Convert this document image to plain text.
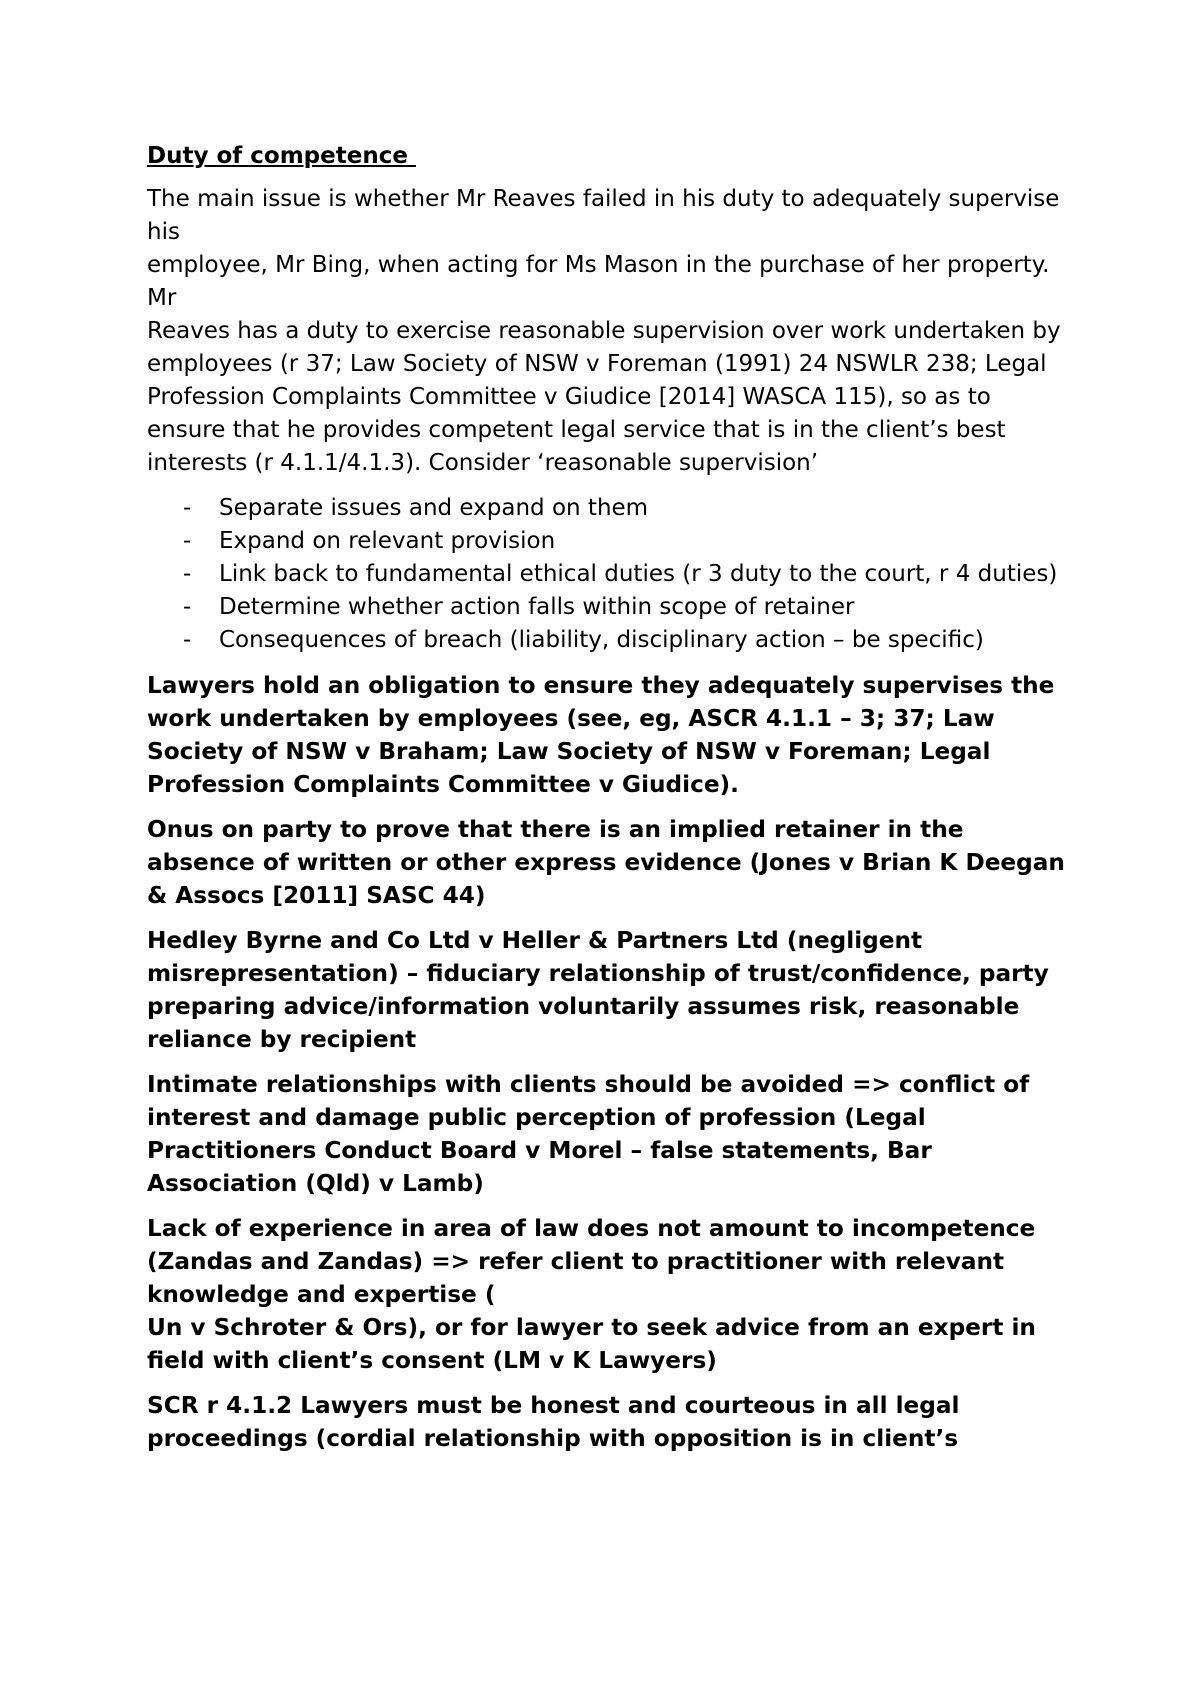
Duty of competence
The main issue is whether Mr Reaves failed in his duty to adequately supervise his
employee, Mr Bing, when acting for Ms Mason in the purchase of her property. Mr
Reaves has a duty to exercise reasonable supervision over work undertaken by employees (r 37; Law Society of NSW v Foreman (1991) 24 NSWLR 238; Legal Profession Complaints Committee v Giudice [2014] WASCA 115), so as to ensure that he provides competent legal service that is in the client’s best interests (r 4.1.1/4.1.3). Consider ‘reasonable supervision’
- Separate issues and expand on them
- Expand on relevant provision
- Link back to fundamental ethical duties (r 3 duty to the court, r 4 duties)
- Determine whether action falls within scope of retainer
- Consequences of breach (liability, disciplinary action – be specific)
Lawyers hold an obligation to ensure they adequately supervises the work undertaken by employees (see, eg, ASCR 4.1.1 – 3; 37; Law Society of NSW v Braham; Law Society of NSW v Foreman; Legal Profession Complaints Committee v Giudice).
Onus on party to prove that there is an implied retainer in the absence of written or other express evidence (Jones v Brian K Deegan & Assocs [2011] SASC 44)
Hedley Byrne and Co Ltd v Heller & Partners Ltd (negligent misrepresentation) – fiduciary relationship of trust/confidence, party preparing advice/information voluntarily assumes risk, reasonable reliance by recipient
Intimate relationships with clients should be avoided => conflict of interest and damage public perception of profession (Legal Practitioners Conduct Board v Morel – false statements, Bar Association (Qld) v Lamb)
Lack of experience in area of law does not amount to incompetence (Zandas and Zandas) => refer client to practitioner with relevant knowledge and expertise (
Un v Schroter & Ors), or for lawyer to seek advice from an expert in field with client’s consent (LM v K Lawyers)
SCR r 4.1.2 Lawyers must be honest and courteous in all legal proceedings (cordial relationship with opposition is in client’s
